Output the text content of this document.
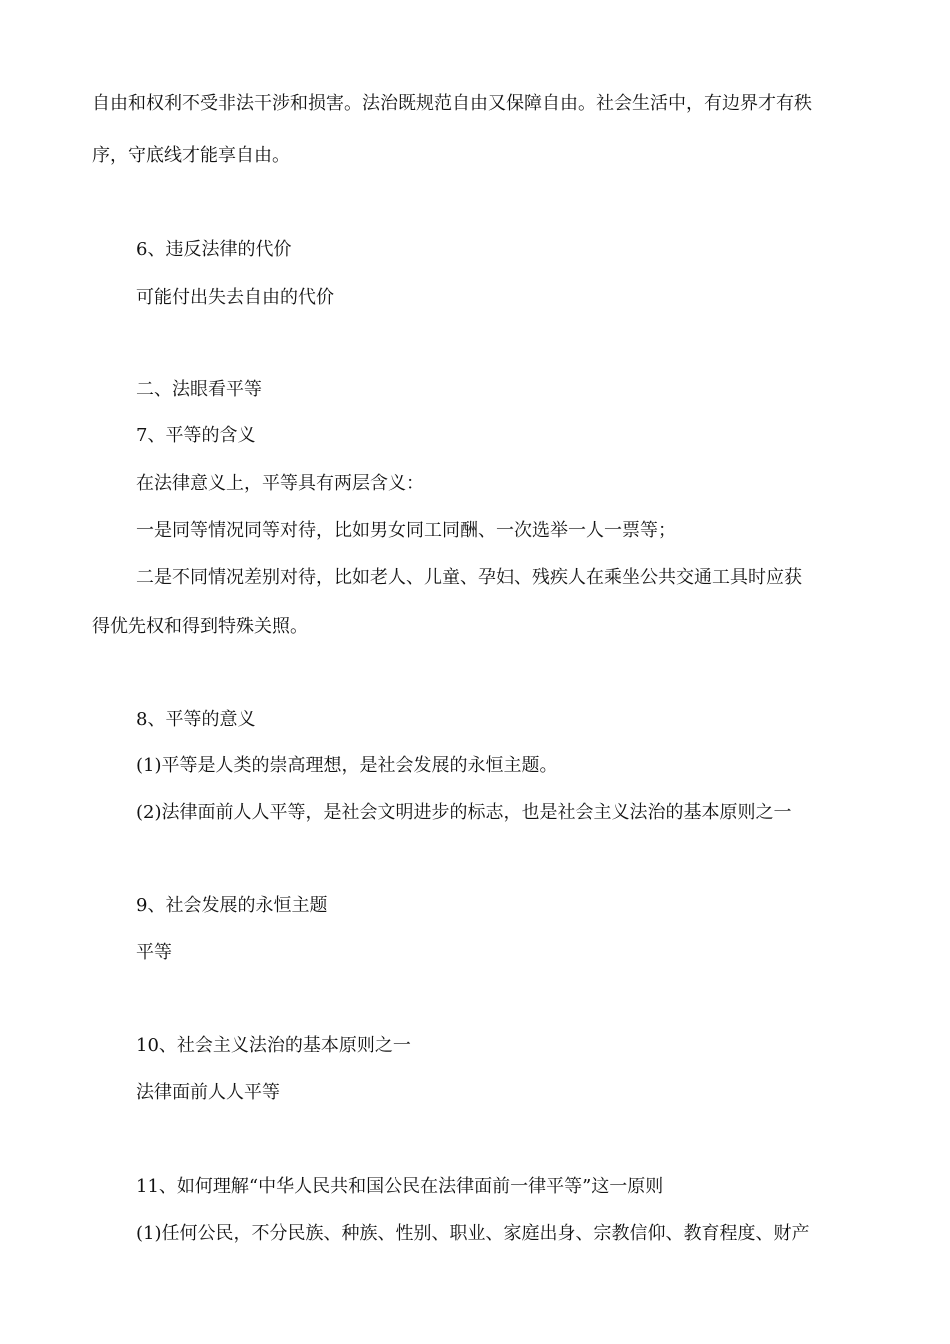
自由和权利不受非法干涉和损害。法治既规范自由又保障自由。社会生活中，有边界才有秩
序，守底线才能享自由。
6、违反法律的代价
可能付出失去自由的代价
二、法眼看平等
7、平等的含义
在法律意义上，平等具有两层含义：
一是同等情况同等对待，比如男女同工同酬、一次选举一人一票等；
二是不同情况差别对待，比如老人、儿童、孕妇、残疾人在乘坐公共交通工具时应获
得优先权和得到特殊关照。
8、平等的意义
(1)平等是人类的崇高理想，是社会发展的永恒主题。
(2)法律面前人人平等，是社会文明进步的标志，也是社会主义法治的基本原则之一
9、社会发展的永恒主题
平等
10、社会主义法治的基本原则之一
法律面前人人平等
11、如何理解“中华人民共和国公民在法律面前一律平等”这一原则
(1)任何公民，不分民族、种族、性别、职业、家庭出身、宗教信仰、教育程度、财产
